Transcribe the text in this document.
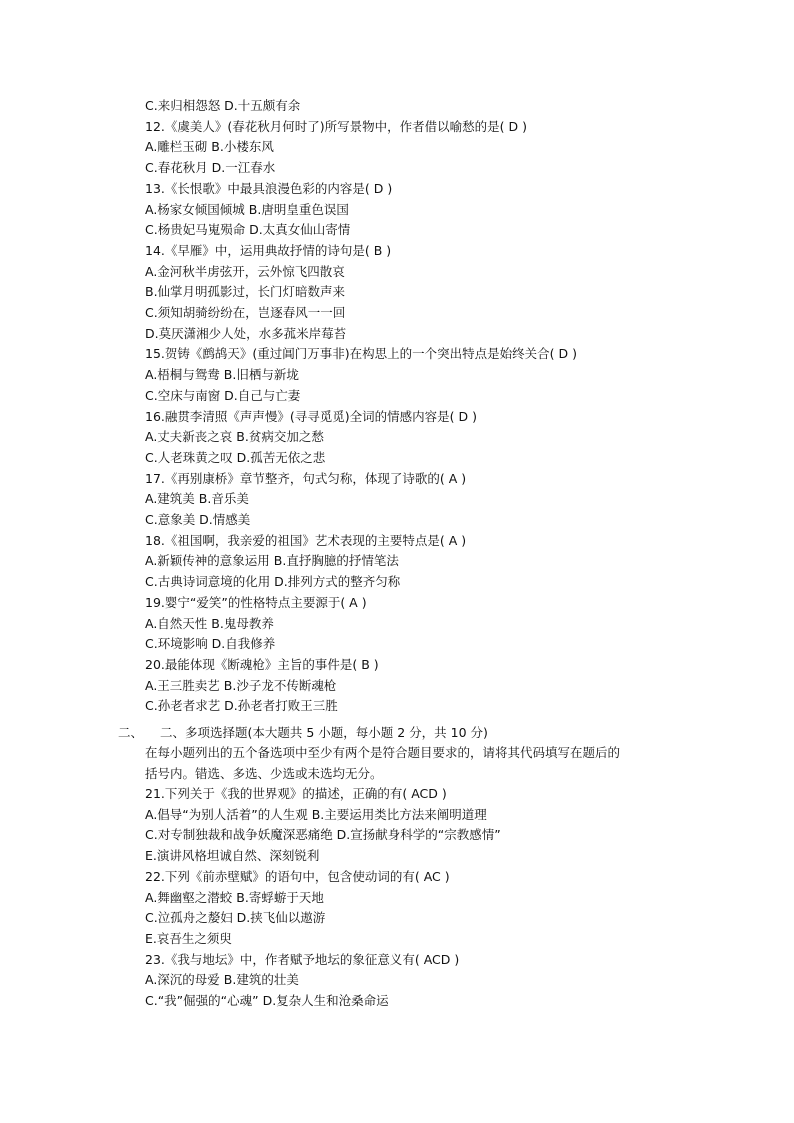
C.来归相怨怒 D.十五颇有余
12.《虞美人》(春花秋月何时了)所写景物中，作者借以喻愁的是( D )
A.雕栏玉砌 B.小楼东风
C.春花秋月 D.一江春水
13.《长恨歌》中最具浪漫色彩的内容是( D )
A.杨家女倾国倾城 B.唐明皇重色误国
C.杨贵妃马嵬殒命 D.太真女仙山寄情
14.《早雁》中，运用典故抒情的诗句是( B )
A.金河秋半虏弦开，云外惊飞四散哀
B.仙掌月明孤影过，长门灯暗数声来
C.须知胡骑纷纷在，岂逐春风一一回
D.莫厌潇湘少人处，水多菰米岸莓苔
15.贺铸《鹧鸪天》(重过阊门万事非)在构思上的一个突出特点是始终关合( D )
A.梧桐与鸳鸯 B.旧栖与新垅
C.空床与南窗 D.自己与亡妻
16.融贯李清照《声声慢》(寻寻觅觅)全词的情感内容是( D )
A.丈夫新丧之哀 B.贫病交加之愁
C.人老珠黄之叹 D.孤苦无依之悲
17.《再别康桥》章节整齐，句式匀称，体现了诗歌的( A )
A.建筑美 B.音乐美
C.意象美 D.情感美
18.《祖国啊，我亲爱的祖国》艺术表现的主要特点是( A )
A.新颖传神的意象运用 B.直抒胸臆的抒情笔法
C.古典诗词意境的化用 D.排列方式的整齐匀称
19.婴宁“爱笑”的性格特点主要源于( A )
A.自然天性 B.鬼母教养
C.环境影响 D.自我修养
20.最能体现《断魂枪》主旨的事件是( B )
A.王三胜卖艺 B.沙子龙不传断魂枪
C.孙老者求艺 D.孙老者打败王三胜
二、 二、多项选择题(本大题共 5 小题，每小题 2 分，共 10 分)
在每小题列出的五个备选项中至少有两个是符合题目要求的，请将其代码填写在题后的
括号内。错选、多选、少选或未选均无分。
21.下列关于《我的世界观》的描述，正确的有( ACD )
A.倡导“为别人活着”的人生观 B.主要运用类比方法来阐明道理
C.对专制独裁和战争妖魔深恶痛绝 D.宣扬献身科学的“宗教感情”
E.演讲风格坦诚自然、深刻锐利
22.下列《前赤壁赋》的语句中，包含使动词的有( AC )
A.舞幽壑之潜蛟 B.寄蜉蝣于天地
C.泣孤舟之嫠妇 D.挟飞仙以遨游
E.哀吾生之须臾
23.《我与地坛》中，作者赋予地坛的象征意义有( ACD )
A.深沉的母爱 B.建筑的壮美
C.“我”倔强的“心魂” D.复杂人生和沧桑命运
